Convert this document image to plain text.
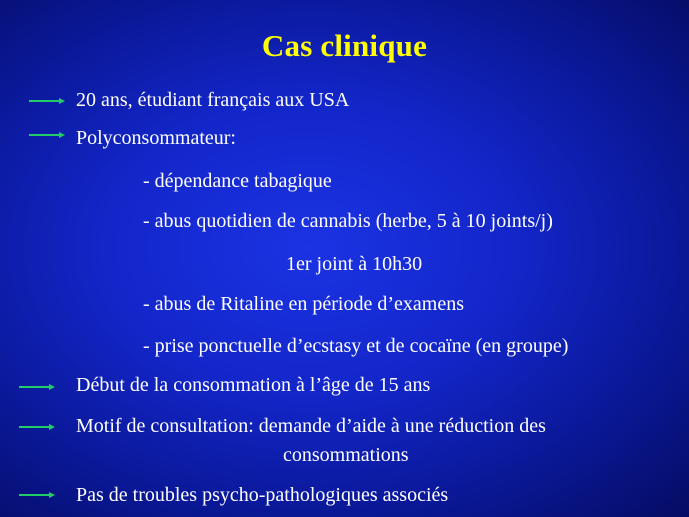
Cas clinique
20 ans, étudiant français aux USA
Polyconsommateur:
- dépendance tabagique
- abus quotidien de cannabis (herbe, 5 à 10 joints/j)
1er joint à 10h30
- abus de Ritaline en période d’examens
- prise ponctuelle d’ecstasy et de cocaïne (en groupe)
Début de la consommation à l’âge de 15 ans
Motif de consultation: demande d’aide à une réduction des
consommations
Pas de troubles psycho-pathologiques associés
